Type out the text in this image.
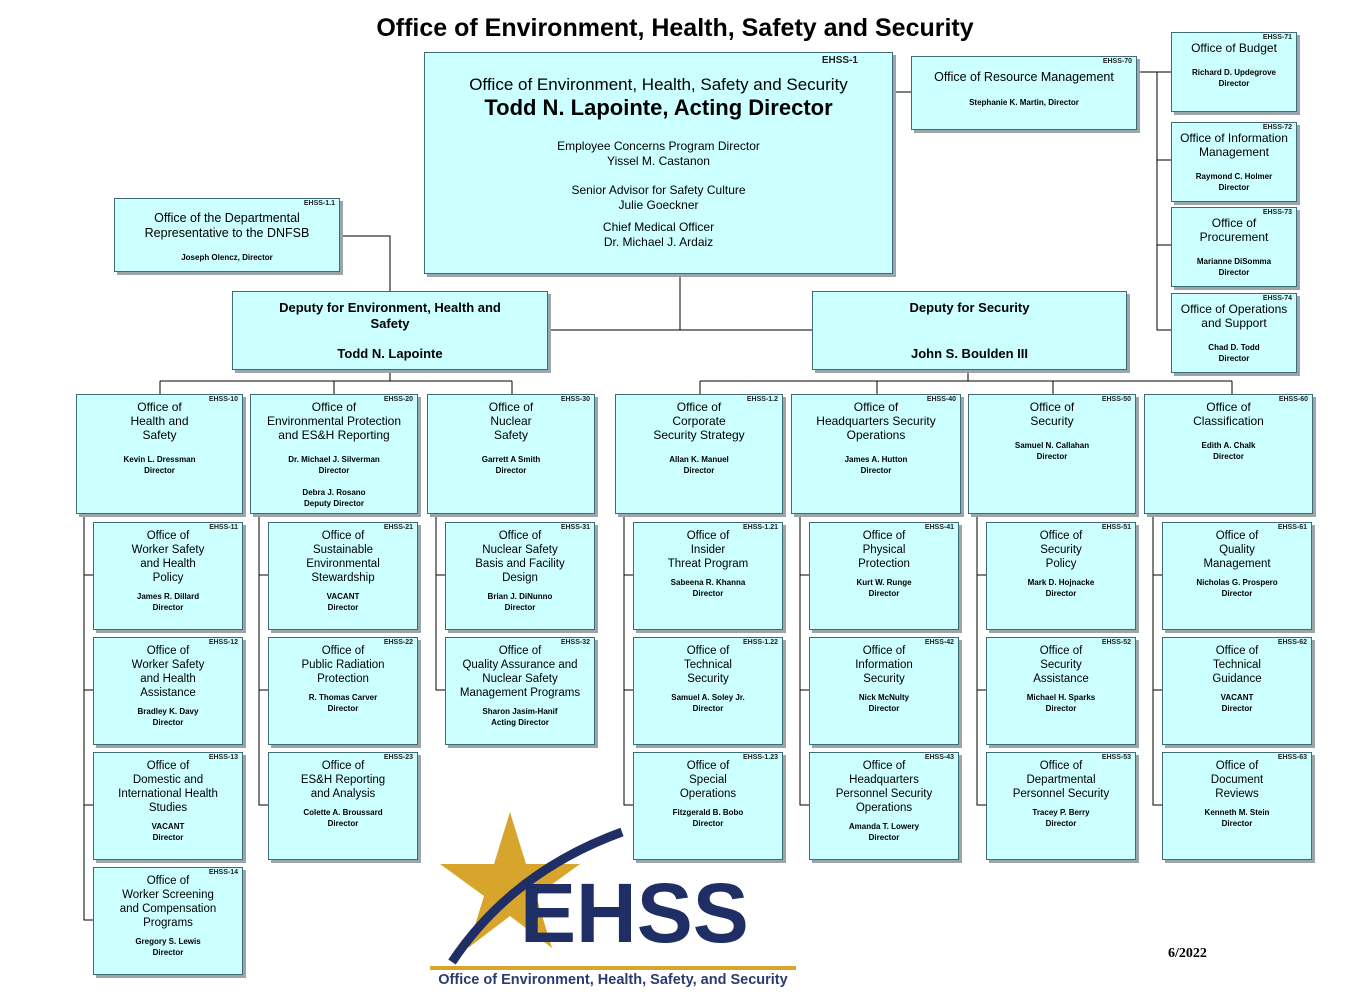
Office of Environment, Health, Safety and Security
EHSS-1
Office of Environment, Health, Safety and Security
Todd N. Lapointe, Acting Director
Employee Concerns Program Director
Yissel M. Castanon
Senior Advisor for Safety Culture
Julie Goeckner
Chief Medical Officer
Dr. Michael J. Ardaiz
EHSS-1.1
Office of the Departmental
Representative to the DNFSB
Joseph Olencz, Director
EHSS-70
Office of Resource Management
Stephanie K. Martin, Director
EHSS-71
Office of Budget
Richard D. Updegrove
Director
EHSS-72
Office of Information
Management
Raymond C. Holmer
Director
EHSS-73
Office of Procurement
Marianne DiSomma
Director
EHSS-74
Office of Operations
and Support
Chad D. Todd
Director
Deputy for Environment, Health and
Safety
Todd N. Lapointe
Deputy for Security
John S. Boulden III
EHSS-10
Office of
Health and
Safety
Kevin L. Dressman
Director
EHSS-11
Office of
Worker Safety
and Health
Policy
James R. Dillard
Director
EHSS-12
Office of
Worker Safety
and Health
Assistance
Bradley K. Davy
Director
EHSS-13
Office of
Domestic and
International Health
Studies
VACANT
Director
EHSS-14
Office of
Worker Screening
and Compensation
Programs
Gregory S. Lewis
Director
EHSS-20
Office of
Environmental Protection
and ES&H Reporting
Dr. Michael J. Silverman
Director

Debra J. Rosano
Deputy Director
EHSS-21
Office of
Sustainable
Environmental
Stewardship
VACANT
Director
EHSS-22
Office of
Public Radiation
Protection
R. Thomas Carver
Director
EHSS-23
Office of
ES&H Reporting
and Analysis
Colette A. Broussard
Director
EHSS-30
Office of
Nuclear
Safety
Garrett A Smith
Director
EHSS-31
Office of
Nuclear Safety
Basis and Facility
Design
Brian J. DiNunno
Director
EHSS-32
Office of
Quality Assurance and
Nuclear Safety
Management Programs
Sharon Jasim-Hanif
Acting Director
EHSS-1.2
Office of
Corporate
Security Strategy
Allan K. Manuel
Director
EHSS-1.21
Office of
Insider
Threat Program
Sabeena R. Khanna
Director
EHSS-1.22
Office of
Technical
Security
Samuel A. Soley Jr.
Director
EHSS-1.23
Office of
Special
Operations
Fitzgerald B. Bobo
Director
EHSS-40
Office of
Headquarters Security
Operations
James A. Hutton
Director
EHSS-41
Office of
Physical
Protection
Kurt W. Runge
Director
EHSS-42
Office of
Information
Security
Nick McNulty
Director
EHSS-43
Office of
Headquarters
Personnel Security
Operations
Amanda T. Lowery
Director
EHSS-50
Office of
Security
Samuel N. Callahan
Director
EHSS-51
Office of
Security
Policy
Mark D. Hojnacke
Director
EHSS-52
Office of
Security
Assistance
Michael H. Sparks
Director
EHSS-53
Office of
Departmental
Personnel Security
Tracey P. Berry
Director
EHSS-60
Office of
Classification
Edith A. Chalk
Director
EHSS-61
Office of
Quality
Management
Nicholas G. Prospero
Director
EHSS-62
Office of
Technical
Guidance
VACANT
Director
EHSS-63
Office of
Document
Reviews
Kenneth M. Stein
Director
EHSS
Office of Environment, Health, Safety, and Security
6/2022
